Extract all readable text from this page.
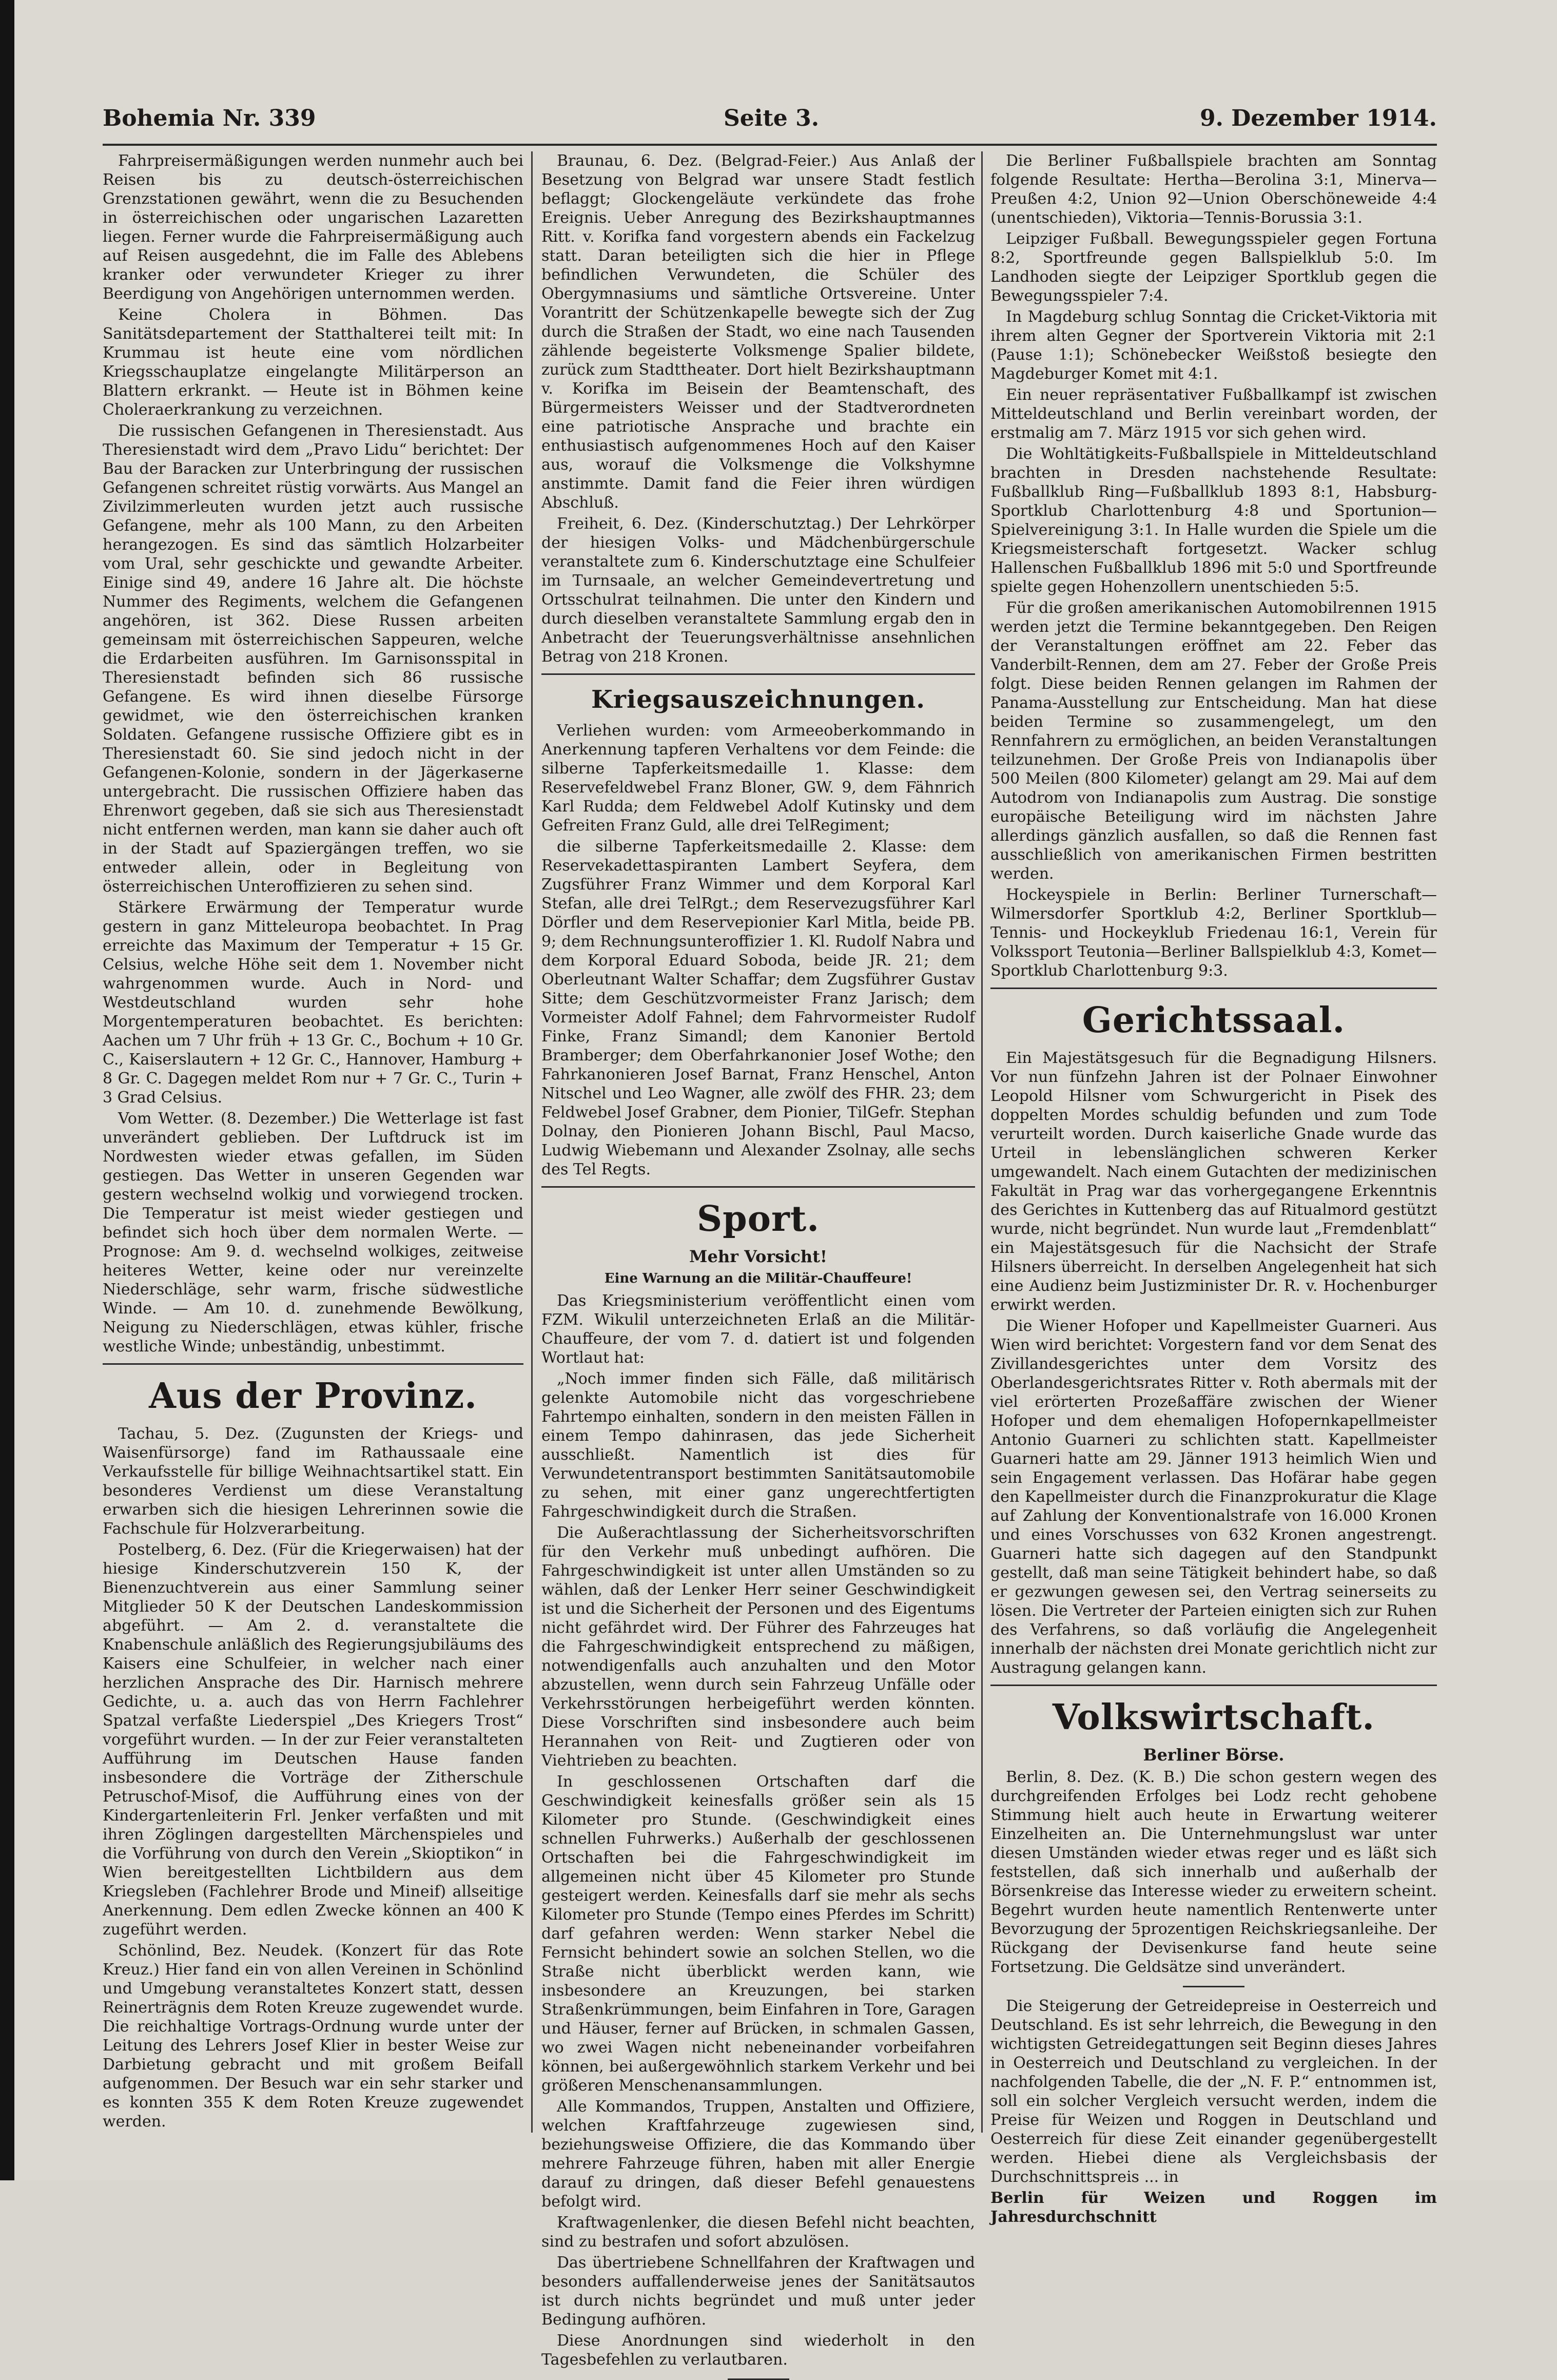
Bohemia Nr. 339	Seite 3.	9. Dezember 1914.

Fahrpreisermäßigungen werden nunmehr auch bei Reisen bis zu deutsch-österreichischen Grenzstationen gewährt, wenn die zu Besuchenden in österreichischen oder ungarischen Lazaretten liegen. Ferner wurde die Fahrpreisermäßigung auch auf Reisen ausgedehnt, die im Falle des Ablebens kranker oder verwundeter Krieger zu ihrer Beerdigung von Angehörigen unternommen werden.

Keine Cholera in Böhmen. Das Sanitätsdepartement der Statthalterei teilt mit: In Krummau ist heute eine vom nördlichen Kriegsschauplatze eingelangte Militärperson an Blattern erkrankt. — Heute ist in Böhmen keine Choleraerkrankung zu verzeichnen.

Die russischen Gefangenen in Theresienstadt. Aus Theresienstadt wird dem „Pravo Lidu“ berichtet: Der Bau der Baracken zur Unterbringung der russischen Gefangenen schreitet rüstig vorwärts. Aus Mangel an Zivilzimmerleuten wurden jetzt auch russische Gefangene, mehr als 100 Mann, zu den Arbeiten herangezogen. Es sind das sämtlich Holzarbeiter vom Ural, sehr geschickte und gewandte Arbeiter. Einige sind 49, andere 16 Jahre alt. Die höchste Nummer des Regiments, welchem die Gefangenen angehören, ist 362. Diese Russen arbeiten gemeinsam mit österreichischen Sappeuren, welche die Erdarbeiten ausführen. Im Garnisonsspital in Theresienstadt befinden sich 86 russische Gefangene. Es wird ihnen dieselbe Fürsorge gewidmet, wie den österreichischen kranken Soldaten. Gefangene russische Offiziere gibt es in Theresienstadt 60. Sie sind jedoch nicht in der Gefangenen-Kolonie, sondern in der Jägerkaserne untergebracht. Die russischen Offiziere haben das Ehrenwort gegeben, daß sie sich aus Theresienstadt nicht entfernen werden, man kann sie daher auch oft in der Stadt auf Spaziergängen treffen, wo sie entweder allein, oder in Begleitung von österreichischen Unteroffizieren zu sehen sind.

Stärkere Erwärmung der Temperatur wurde gestern in ganz Mitteleuropa beobachtet. In Prag erreichte das Maximum der Temperatur + 15 Gr. Celsius, welche Höhe seit dem 1. November nicht wahrgenommen wurde. Auch in Nord- und Westdeutschland wurden sehr hohe Morgentemperaturen beobachtet. Es berichten: Aachen um 7 Uhr früh + 13 Gr. C., Bochum + 10 Gr. C., Kaiserslautern + 12 Gr. C., Hannover, Hamburg + 8 Gr. C. Dagegen meldet Rom nur + 7 Gr. C., Turin + 3 Grad Celsius.

Vom Wetter. (8. Dezember.) Die Wetterlage ist fast unverändert geblieben. Der Luftdruck ist im Nordwesten wieder etwas gefallen, im Süden gestiegen. Das Wetter in unseren Gegenden war gestern wechselnd wolkig und vorwiegend trocken. Die Temperatur ist meist wieder gestiegen und befindet sich hoch über dem normalen Werte. — Prognose: Am 9. d. wechselnd wolkiges, zeitweise heiteres Wetter, keine oder nur vereinzelte Niederschläge, sehr warm, frische südwestliche Winde. — Am 10. d. zunehmende Bewölkung, Neigung zu Niederschlägen, etwas kühler, frische westliche Winde; unbeständig, unbestimmt.

Aus der Provinz.

Tachau, 5. Dez. (Zugunsten der Kriegs- und Waisenfürsorge) fand im Rathaussaale eine Verkaufsstelle für billige Weihnachtsartikel statt. Ein besonderes Verdienst um diese Veranstaltung erwarben sich die hiesigen Lehrerinnen sowie die Fachschule für Holzverarbeitung.

Postelberg, 6. Dez. (Für die Kriegerwaisen) hat der hiesige Kinderschutzverein 150 K, der Bienenzuchtverein aus einer Sammlung seiner Mitglieder 50 K der Deutschen Landeskommission abgeführt. — Am 2. d. veranstaltete die Knabenschule anläßlich des Regierungsjubiläums des Kaisers eine Schulfeier, in welcher nach einer herzlichen Ansprache des Dir. Harnisch mehrere Gedichte, u. a. auch das von Herrn Fachlehrer Spatzal verfaßte Liederspiel „Des Kriegers Trost“ vorgeführt wurden. — In der zur Feier veranstalteten Aufführung im Deutschen Hause fanden insbesondere die Vorträge der Zitherschule Petruschof-Misof, die Aufführung eines von der Kindergartenleiterin Frl. Jenker verfaßten und mit ihren Zöglingen dargestellten Märchenspieles und die Vorführung von durch den Verein „Skioptikon“ in Wien bereitgestellten Lichtbildern aus dem Kriegsleben (Fachlehrer Brode und Mineif) allseitige Anerkennung. Dem edlen Zwecke können an 400 K zugeführt werden.

Schönlind, Bez. Neudek. (Konzert für das Rote Kreuz.) Hier fand ein von allen Vereinen in Schönlind und Umgebung veranstaltetes Konzert statt, dessen Reinerträgnis dem Roten Kreuze zugewendet wurde. Die reichhaltige Vortrags-Ordnung wurde unter der Leitung des Lehrers Josef Klier in bester Weise zur Darbietung gebracht und mit großem Beifall aufgenommen. Der Besuch war ein sehr starker und es konnten 355 K dem Roten Kreuze zugewendet werden.

Braunau, 6. Dez. (Belgrad-Feier.) Aus Anlaß der Besetzung von Belgrad war unsere Stadt festlich beflaggt; Glockengeläute verkündete das frohe Ereignis. Ueber Anregung des Bezirkshauptmannes Ritt. v. Korifka fand vorgestern abends ein Fackelzug statt. Daran beteiligten sich die hier in Pflege befindlichen Verwundeten, die Schüler des Obergymnasiums und sämtliche Ortsvereine. Unter Vorantritt der Schützenkapelle bewegte sich der Zug durch die Straßen der Stadt, wo eine nach Tausenden zählende begeisterte Volksmenge Spalier bildete, zurück zum Stadttheater. Dort hielt Bezirkshauptmann v. Korifka im Beisein der Beamtenschaft, des Bürgermeisters Weisser und der Stadtverordneten eine patriotische Ansprache und brachte ein enthusiastisch aufgenommenes Hoch auf den Kaiser aus, worauf die Volksmenge die Volkshymne anstimmte. Damit fand die Feier ihren würdigen Abschluß.

Freiheit, 6. Dez. (Kinderschutztag.) Der Lehrkörper der hiesigen Volks- und Mädchenbürgerschule veranstaltete zum 6. Kinderschutztage eine Schulfeier im Turnsaale, an welcher Gemeindevertretung und Ortsschulrat teilnahmen. Die unter den Kindern und durch dieselben veranstaltete Sammlung ergab den in Anbetracht der Teuerungsverhältnisse ansehnlichen Betrag von 218 Kronen.

Kriegsauszeichnungen.

Verliehen wurden: vom Armeeoberkommando in Anerkennung tapferen Verhaltens vor dem Feinde: die silberne Tapferkeitsmedaille 1. Klasse: dem Reservefeldwebel Franz Bloner, GW. 9, dem Fähnrich Karl Rudda; dem Feldwebel Adolf Kutinsky und dem Gefreiten Franz Guld, alle drei TelRegiment;

die silberne Tapferkeitsmedaille 2. Klasse: dem Reservekadettaspiranten Lambert Seyfera, dem Zugsführer Franz Wimmer und dem Korporal Karl Stefan, alle drei TelRgt.; dem Reservezugsführer Karl Dörfler und dem Reservepionier Karl Mitla, beide PB. 9; dem Rechnungsunteroffizier 1. Kl. Rudolf Nabra und dem Korporal Eduard Soboda, beide JR. 21; dem Oberleutnant Walter Schaffar; dem Zugsführer Gustav Sitte; dem Geschützvormeister Franz Jarisch; dem Vormeister Adolf Fahnel; dem Fahrvormeister Rudolf Finke, Franz Simandl; dem Kanonier Bertold Bramberger; dem Oberfahrkanonier Josef Wothe; den Fahrkanonieren Josef Barnat, Franz Henschel, Anton Nitschel und Leo Wagner, alle zwölf des FHR. 23; dem Feldwebel Josef Grabner, dem Pionier, TilGefr. Stephan Dolnay, den Pionieren Johann Bischl, Paul Macso, Ludwig Wiebemann und Alexander Zsolnay, alle sechs des Tel Regts.

Sport.

Mehr Vorsicht!

Eine Warnung an die Militär-Chauffeure!

Das Kriegsministerium veröffentlicht einen vom FZM. Wikulil unterzeichneten Erlaß an die Militär-Chauffeure, der vom 7. d. datiert ist und folgenden Wortlaut hat:

„Noch immer finden sich Fälle, daß militärisch gelenkte Automobile nicht das vorgeschriebene Fahrtempo einhalten, sondern in den meisten Fällen in einem Tempo dahinrasen, das jede Sicherheit ausschließt. Namentlich ist dies für Verwundetentransport bestimmten Sanitätsautomobile zu sehen, mit einer ganz ungerechtfertigten Fahrgeschwindigkeit durch die Straßen.

Die Außerachtlassung der Sicherheitsvorschriften für den Verkehr muß unbedingt aufhören. Die Fahrgeschwindigkeit ist unter allen Umständen so zu wählen, daß der Lenker Herr seiner Geschwindigkeit ist und die Sicherheit der Personen und des Eigentums nicht gefährdet wird. Der Führer des Fahrzeuges hat die Fahrgeschwindigkeit entsprechend zu mäßigen, notwendigenfalls auch anzuhalten und den Motor abzustellen, wenn durch sein Fahrzeug Unfälle oder Verkehrsstörungen herbeigeführt werden könnten. Diese Vorschriften sind insbesondere auch beim Herannahen von Reit- und Zugtieren oder von Viehtrieben zu beachten.

In geschlossenen Ortschaften darf die Geschwindigkeit keinesfalls größer sein als 15 Kilometer pro Stunde. (Geschwindigkeit eines schnellen Fuhrwerks.) Außerhalb der geschlossenen Ortschaften bei die Fahrgeschwindigkeit im allgemeinen nicht über 45 Kilometer pro Stunde gesteigert werden. Keinesfalls darf sie mehr als sechs Kilometer pro Stunde (Tempo eines Pferdes im Schritt) darf gefahren werden: Wenn starker Nebel die Fernsicht behindert sowie an solchen Stellen, wo die Straße nicht überblickt werden kann, wie insbesondere an Kreuzungen, bei starken Straßenkrümmungen, beim Einfahren in Tore, Garagen und Häuser, ferner auf Brücken, in schmalen Gassen, wo zwei Wagen nicht nebeneinander vorbeifahren können, bei außergewöhnlich starkem Verkehr und bei größeren Menschenansammlungen.

Alle Kommandos, Truppen, Anstalten und Offiziere, welchen Kraftfahrzeuge zugewiesen sind, beziehungsweise Offiziere, die das Kommando über mehrere Fahrzeuge führen, haben mit aller Energie darauf zu dringen, daß dieser Befehl genauestens befolgt wird.

Kraftwagenlenker, die diesen Befehl nicht beachten, sind zu bestrafen und sofort abzulösen.

Das übertriebene Schnellfahren der Kraftwagen und besonders auffallenderweise jenes der Sanitätsautos ist durch nichts begründet und muß unter jeder Bedingung aufhören.

Diese Anordnungen sind wiederholt in den Tagesbefehlen zu verlautbaren.

Die Berliner Fußballspiele brachten am Sonntag folgende Resultate: Hertha—Berolina 3:1, Minerva—Preußen 4:2, Union 92—Union Oberschöneweide 4:4 (unentschieden), Viktoria—Tennis-Borussia 3:1.

Leipziger Fußball. Bewegungsspieler gegen Fortuna 8:2, Sportfreunde gegen Ballspielklub 5:0. Im Landhoden siegte der Leipziger Sportklub gegen die Bewegungsspieler 7:4.

In Magdeburg schlug Sonntag die Cricket-Viktoria mit ihrem alten Gegner der Sportverein Viktoria mit 2:1 (Pause 1:1); Schönebecker Weißstoß besiegte den Magdeburger Komet mit 4:1.

Ein neuer repräsentativer Fußballkampf ist zwischen Mitteldeutschland und Berlin vereinbart worden, der erstmalig am 7. März 1915 vor sich gehen wird.

Die Wohltätigkeits-Fußballspiele in Mitteldeutschland brachten in Dresden nachstehende Resultate: Fußballklub Ring—Fußballklub 1893 8:1, Habsburg-Sportklub Charlottenburg 4:8 und Sportunion—Spielvereinigung 3:1. In Halle wurden die Spiele um die Kriegsmeisterschaft fortgesetzt. Wacker schlug Hallenschen Fußballklub 1896 mit 5:0 und Sportfreunde spielte gegen Hohenzollern unentschieden 5:5.

Für die großen amerikanischen Automobilrennen 1915 werden jetzt die Termine bekanntgegeben. Den Reigen der Veranstaltungen eröffnet am 22. Feber das Vanderbilt-Rennen, dem am 27. Feber der Große Preis folgt. Diese beiden Rennen gelangen im Rahmen der Panama-Ausstellung zur Entscheidung. Man hat diese beiden Termine so zusammengelegt, um den Rennfahrern zu ermöglichen, an beiden Veranstaltungen teilzunehmen. Der Große Preis von Indianapolis über 500 Meilen (800 Kilometer) gelangt am 29. Mai auf dem Autodrom von Indianapolis zum Austrag. Die sonstige europäische Beteiligung wird im nächsten Jahre allerdings gänzlich ausfallen, so daß die Rennen fast ausschließlich von amerikanischen Firmen bestritten werden.

Hockeyspiele in Berlin: Berliner Turnerschaft—Wilmersdorfer Sportklub 4:2, Berliner Sportklub—Tennis- und Hockeyklub Friedenau 16:1, Verein für Volkssport Teutonia—Berliner Ballspielklub 4:3, Komet—Sportklub Charlottenburg 9:3.

Gerichtssaal.

Ein Majestätsgesuch für die Begnadigung Hilsners. Vor nun fünfzehn Jahren ist der Polnaer Einwohner Leopold Hilsner vom Schwurgericht in Pisek des doppelten Mordes schuldig befunden und zum Tode verurteilt worden. Durch kaiserliche Gnade wurde das Urteil in lebenslänglichen schweren Kerker umgewandelt. Nach einem Gutachten der medizinischen Fakultät in Prag war das vorhergegangene Erkenntnis des Gerichtes in Kuttenberg das auf Ritualmord gestützt wurde, nicht begründet. Nun wurde laut „Fremdenblatt“ ein Majestätsgesuch für die Nachsicht der Strafe Hilsners überreicht. In derselben Angelegenheit hat sich eine Audienz beim Justizminister Dr. R. v. Hochenburger erwirkt werden.

Die Wiener Hofoper und Kapellmeister Guarneri. Aus Wien wird berichtet: Vorgestern fand vor dem Senat des Zivillandesgerichtes unter dem Vorsitz des Oberlandesgerichtsrates Ritter v. Roth abermals mit der viel erörterten Prozeßaffäre zwischen der Wiener Hofoper und dem ehemaligen Hofopernkapellmeister Antonio Guarneri zu schlichten statt. Kapellmeister Guarneri hatte am 29. Jänner 1913 heimlich Wien und sein Engagement verlassen. Das Hofärar habe gegen den Kapellmeister durch die Finanzprokuratur die Klage auf Zahlung der Konventionalstrafe von 16.000 Kronen und eines Vorschusses von 632 Kronen angestrengt. Guarneri hatte sich dagegen auf den Standpunkt gestellt, daß man seine Tätigkeit behindert habe, so daß er gezwungen gewesen sei, den Vertrag seinerseits zu lösen. Die Vertreter der Parteien einigten sich zur Ruhen des Verfahrens, so daß vorläufig die Angelegenheit innerhalb der nächsten drei Monate gerichtlich nicht zur Austragung gelangen kann.

Volkswirtschaft.

Berliner Börse.

Berlin, 8. Dez. (K. B.) Die schon gestern wegen des durchgreifenden Erfolges bei Lodz recht gehobene Stimmung hielt auch heute in Erwartung weiterer Einzelheiten an. Die Unternehmungslust war unter diesen Umständen wieder etwas reger und es läßt sich feststellen, daß sich innerhalb und außerhalb der Börsenkreise das Interesse wieder zu erweitern scheint. Begehrt wurden heute namentlich Rentenwerte unter Bevorzugung der 5prozentigen Reichskriegsanleihe. Der Rückgang der Devisenkurse fand heute seine Fortsetzung. Die Geldsätze sind unverändert.

Die Steigerung der Getreidepreise in Oesterreich und Deutschland. Es ist sehr lehrreich, die Bewegung in den wichtigsten Getreidegattungen seit Beginn dieses Jahres in Oesterreich und Deutschland zu vergleichen. In der nachfolgenden Tabelle, die der „N. F. P.“ entnommen ist, soll ein solcher Vergleich versucht werden, indem die Preise für Weizen und Roggen in Deutschland und Oesterreich für diese Zeit einander gegenübergestellt werden. Hiebei diene als Vergleichsbasis der Durchschnittspreis ... in

Berlin für Weizen und Roggen im Jahresdurchschnitt
